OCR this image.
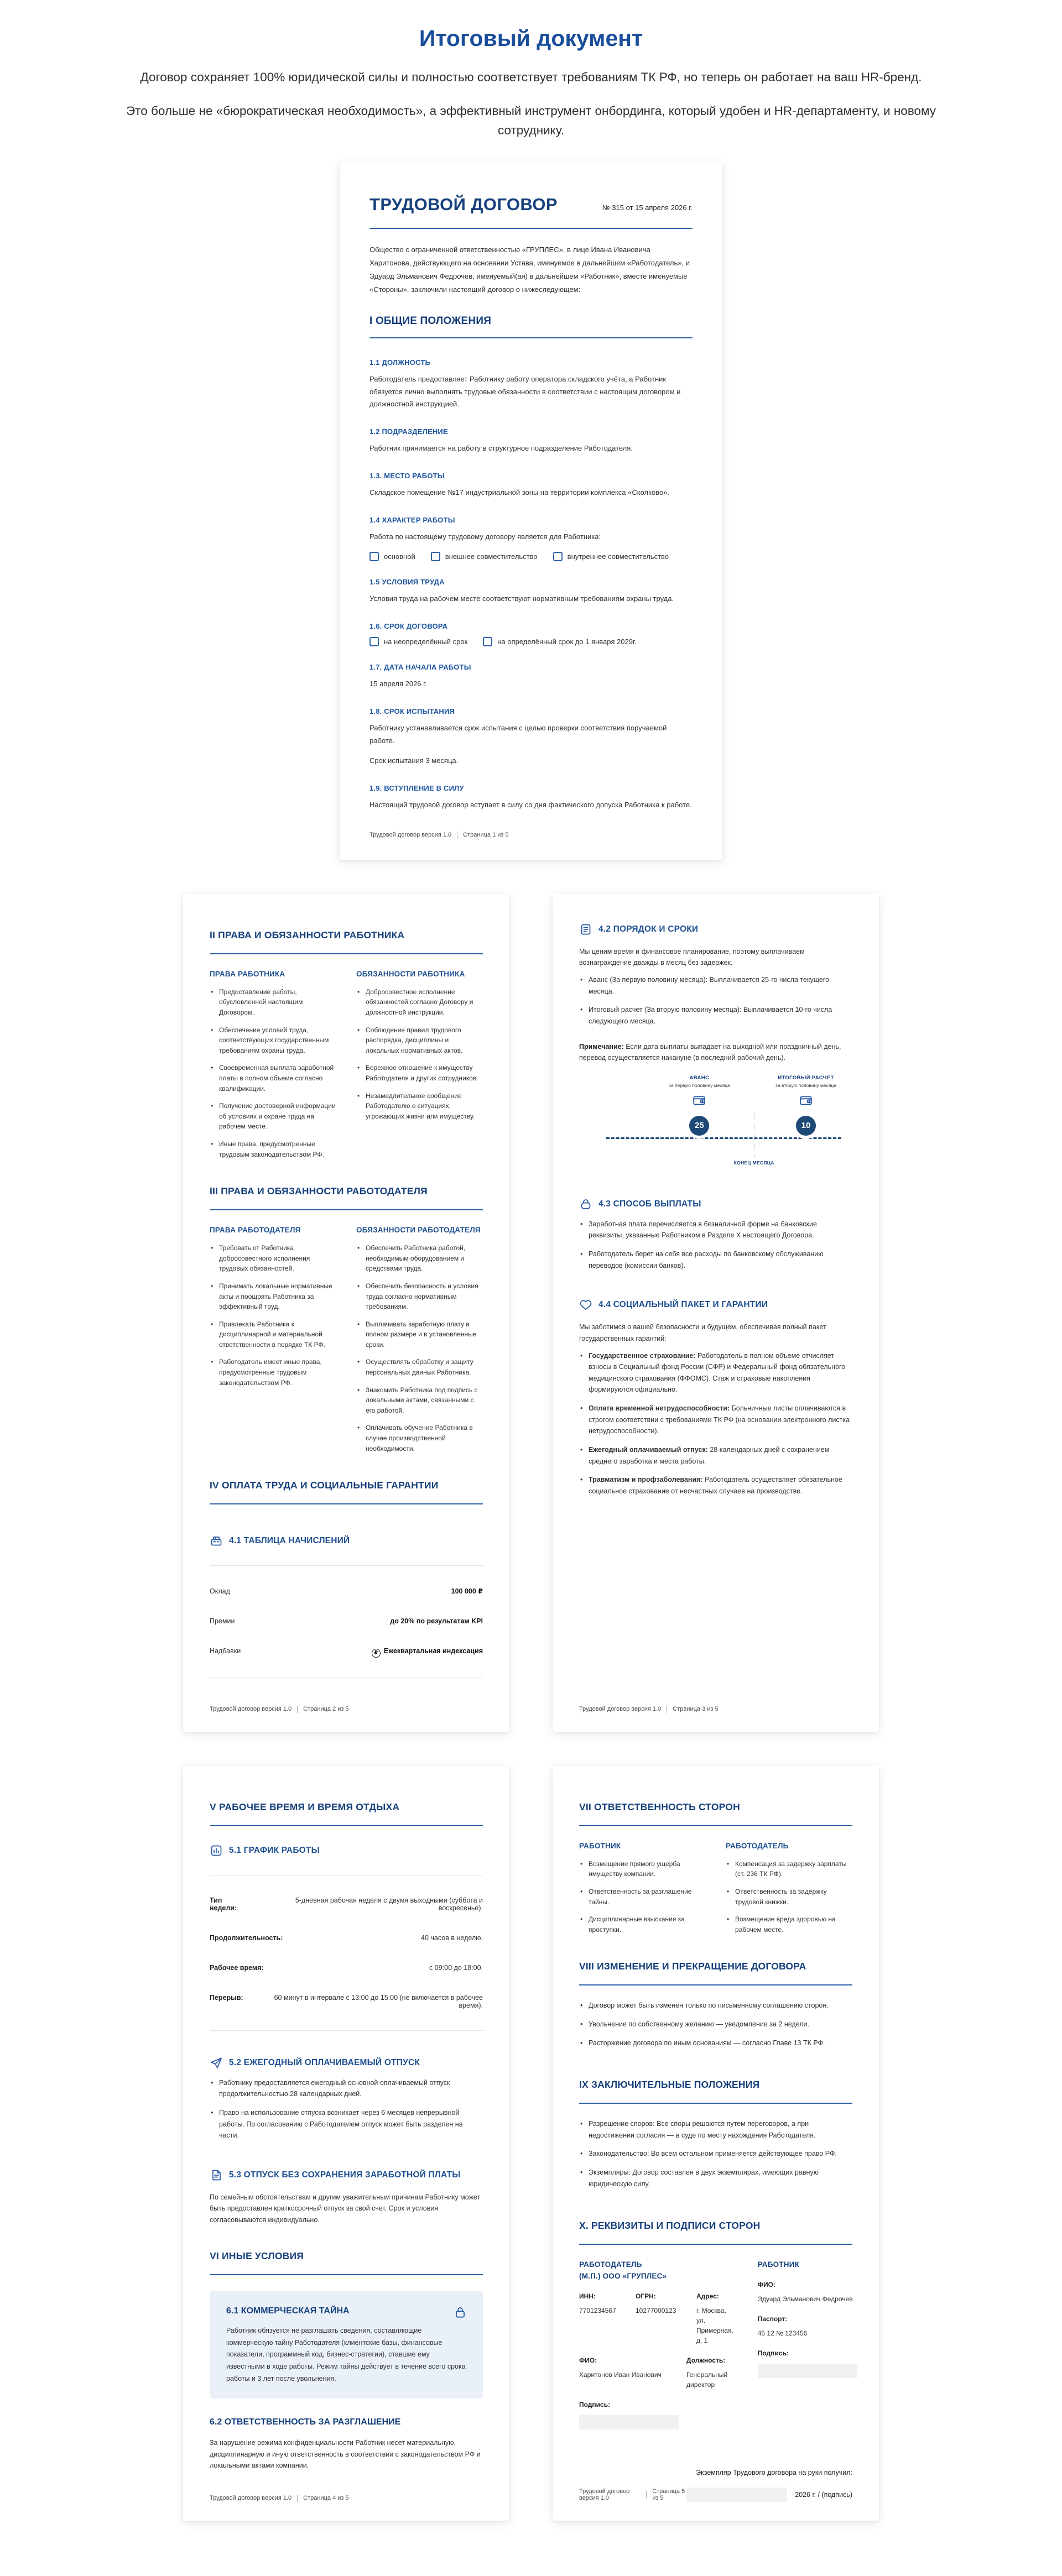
Итоговый документ

Договор сохраняет 100% юридической силы и полностью соответствует требованиям ТК РФ, но теперь он работает на ваш HR-бренд.

Это больше не «бюрократическая необходимость», а эффективный инструмент онбординга, который удобен и HR-департаменту, и новому сотруднику.

ТРУДОВОЙ ДОГОВОР	№ 315 от 15 апреля 2026 г.

Общество с ограниченной ответственностью «ГРУПЛЕС», в лице Ивана Ивановича Харитонова, действующего на основании Устава, именуемое в дальнейшем «Работодатель», и Эдуард Эльманович Федрочев, именуемый(ая) в дальнейшем «Работник», вместе именуемые «Стороны», заключили настоящий договор о нижеследующем:

I ОБЩИЕ ПОЛОЖЕНИЯ
1.1 ДОЛЖНОСТЬ

Работодатель предоставляет Работнику работу оператора складского учёта, а Работник обязуется лично выполнять трудовые обязанности в соответствии с настоящим договором и должностной инструкцией.

1.2 ПОДРАЗДЕЛЕНИЕ

Работник принимается на работу в структурное подразделение Работодателя.

1.3. МЕСТО РАБОТЫ

Складское помещение №17 индустриальной зоны на территории комплекса «Сколково».

1.4 ХАРАКТЕР РАБОТЫ

Работа по настоящему трудовому договору является для Работника:

основной	внешнее совместительство	внутреннее совместительство
1.5 УСЛОВИЯ ТРУДА

Условия труда на рабочем месте соответствуют нормативным требованиям охраны труда.

1.6. СРОК ДОГОВОРА
на неопределённый срок	на определённый срок до 1 января 2029г.
1.7. ДАТА НАЧАЛА РАБОТЫ

15 апреля 2026 г.

1.8. СРОК ИСПЫТАНИЯ

Работнику устанавливается срок испытания с целью проверки соответствия поручаемой работе.

Срок испытания 3 месяца.

1.9. ВСТУПЛЕНИЕ В СИЛУ

Настоящий трудовой договор вступает в силу со дня фактического допуска Работника к работе.

Трудовой договор версия 1.0 Страница 1 из 5
II ПРАВА И ОБЯЗАННОСТИ РАБОТНИКА
ПРАВА РАБОТНИКА
• Предоставление работы, обусловленной настоящим Договором.
• Обеспечение условий труда, соответствующих государственным требованиям охраны труда.
• Своевременная выплата заработной платы в полном объеме согласно квалификации.
• Получение достоверной информации об условиях и охране труда на рабочем месте.
• Иные права, предусмотренные трудовым законодательством РФ.
ОБЯЗАННОСТИ РАБОТНИКА
• Добросовестное исполнение обязанностей согласно Договору и должностной инструкции.
• Соблюдение правил трудового распорядка, дисциплины и локальных нормативных актов.
• Бережное отношение к имуществу Работодателя и других сотрудников.
• Незамедлительное сообщение Работодателю о ситуациях, угрожающих жизни или имуществу.
III ПРАВА И ОБЯЗАННОСТИ РАБОТОДАТЕЛЯ
ПРАВА РАБОТОДАТЕЛЯ
• Требовать от Работника добросовестного исполнения трудовых обязанностей.
• Принимать локальные нормативные акты и поощрять Работника за эффективный труд.
• Привлекать Работника к дисциплинарной и материальной ответственности в порядке ТК РФ.
• Работодатель имеет иные права, предусмотренные трудовым законодательством РФ.
ОБЯЗАННОСТИ РАБОТОДАТЕЛЯ
• Обеспечить Работника работой, необходимым оборудованием и средствами труда.
• Обеспечить безопасность и условия труда согласно нормативным требованиям.
• Выплачивать заработную плату в полном размере и в установленные сроки.
• Осуществлять обработку и защиту персональных данных Работника.
• Знакомить Работника под подпись с локальными актами, связанными с его работой.
• Оплачивать обучение Работника в случае производственной необходимости.
IV ОПЛАТА ТРУДА И СОЦИАЛЬНЫЕ ГАРАНТИИ
4.1 ТАБЛИЦА НАЧИСЛЕНИЙ
Оклад	100 000 ₽
Премии	до 20% по результатам KPI
Надбавки	₽ Ежеквартальная индексация
Трудовой договор версия 1.0 Страница 2 из 5
4.2 ПОРЯДОК И СРОКИ

Мы ценим время и финансовое планирование, поэтому выплачиваем вознаграждение дважды в месяц без задержек.

• Аванс (За первую половину месяца): Выплачивается 25-го числа текущего месяца.
• Итоговый расчет (За вторую половину месяца): Выплачивается 10-го числа следующего месяца.

Примечание: Если дата выплаты выпадает на выходной или праздничный день, перевод осуществляется накануне (в последний рабочий день).

АВАНС
за первую половину месяца
25
ИТОГОВЫЙ РАСЧЕТ
за вторую половину месяца
10
КОНЕЦ МЕСЯЦА
4.3 СПОСОБ ВЫПЛАТЫ
• Заработная плата перечисляется в безналичной форме на банковские реквизиты, указанные Работником в Разделе X настоящего Договора.
• Работодатель берет на себя все расходы по банковскому обслуживанию переводов (комиссии банков).
4.4 СОЦИАЛЬНЫЙ ПАКЕТ И ГАРАНТИИ

Мы заботимся о вашей безопасности и будущем, обеспечивая полный пакет государственных гарантий:

• Государственное страхование: Работодатель в полном объеме отчисляет взносы в Социальный фонд России (СФР) и Федеральный фонд обязательного медицинского страхования (ФФОМС). Стаж и страховые накопления формируются официально.
• Оплата временной нетрудоспособности: Больничные листы оплачиваются в строгом соответствии с требованиями ТК РФ (на основании электронного листка нетрудоспособности).
• Ежегодный оплачиваемый отпуск: 28 календарных дней с сохранением среднего заработка и места работы.
• Травматизм и профзаболевания: Работодатель осуществляет обязательное социальное страхование от несчастных случаев на производстве.
Трудовой договор версия 1.0 Страница 3 из 5
V РАБОЧЕЕ ВРЕМЯ И ВРЕМЯ ОТДЫХА
5.1 ГРАФИК РАБОТЫ
Тип недели:
5-дневная рабочая неделя с двумя выходными (суббота и воскресенье).
Продолжительность:	40 часов в неделю.
Рабочее время:	с 09:00 до 18:00.
Перерыв:	60 минут в интервале с 13:00 до 15:00 (не включается в рабочее время).
5.2 ЕЖЕГОДНЫЙ ОПЛАЧИВАЕМЫЙ ОТПУСК
• Работнику предоставляется ежегодный основной оплачиваемый отпуск продолжительностью 28 календарных дней.
• Право на использование отпуска возникает через 6 месяцев непрерывной работы. По согласованию с Работодателем отпуск может быть разделен на части.
5.3 ОТПУСК БЕЗ СОХРАНЕНИЯ ЗАРАБОТНОЙ ПЛАТЫ

По семейным обстоятельствам и другим уважительным причинам Работнику может быть предоставлен краткосрочный отпуск за свой счет. Срок и условия согласовываются индивидуально.

VI ИНЫЕ УСЛОВИЯ
6.1 КОММЕРЧЕСКАЯ ТАЙНА

Работник обязуется не разглашать сведения, составляющие коммерческую тайну Работодателя (клиентские базы, финансовые показатели, программный код, бизнес-стратегии), ставшие ему известными в ходе работы. Режим тайны действует в течение всего срока работы и 3 лет после увольнения.

6.2 ОТВЕТСТВЕННОСТЬ ЗА РАЗГЛАШЕНИЕ

За нарушение режима конфиденциальности Работник несет материальную, дисциплинарную и иную ответственность в соответствии с законодательством РФ и локальными актами компании.

Трудовой договор версия 1.0 Страница 4 из 5
VII ОТВЕТСТВЕННОСТЬ СТОРОН
РАБОТНИК
• Возмещение прямого ущерба имуществу компании.
• Ответственность за разглашение тайны.
• Дисциплинарные взыскания за проступки.
РАБОТОДАТЕЛЬ
• Компенсация за задержку зарплаты (ст. 236 ТК РФ).
• Ответственность за задержку трудовой книжки.
• Возмещение вреда здоровью на рабочем месте.
VIII ИЗМЕНЕНИЕ И ПРЕКРАЩЕНИЕ ДОГОВОРА
• Договор может быть изменен только по письменному соглашению сторон.
• Увольнение по собственному желанию — уведомление за 2 недели.
• Расторжение договора по иным основаниям — согласно Главе 13 ТК РФ.
IX ЗАКЛЮЧИТЕЛЬНЫЕ ПОЛОЖЕНИЯ
• Разрешение споров: Все споры решаются путем переговоров, а при недостижении согласия — в суде по месту нахождения Работодателя.
• Законодательство: Во всем остальном применяется действующее право РФ.
• Экземпляры: Договор составлен в двух экземплярах, имеющих равную юридическую силу.
X. РЕКВИЗИТЫ И ПОДПИСИ СТОРОН
РАБОТОДАТЕЛЬ
(М.П.) ООО «ГРУПЛЕС»
ИНН:
7701234567
ОГРН:
10277000123
Адрес:
г. Москва, ул. Примерная, д. 1
ФИО:
Харитонов Иван Иванович
Должность:
Генеральный директор
Подпись:
РАБОТНИК
ФИО:
Эдуард Эльманович Федрочев
Паспорт:
45 12 № 123456
Подпись:
Экземпляр Трудового договора на руки получил:
Трудовой договор версия 1.0
Страница 5 из 5	2026 г. / (подпись)
